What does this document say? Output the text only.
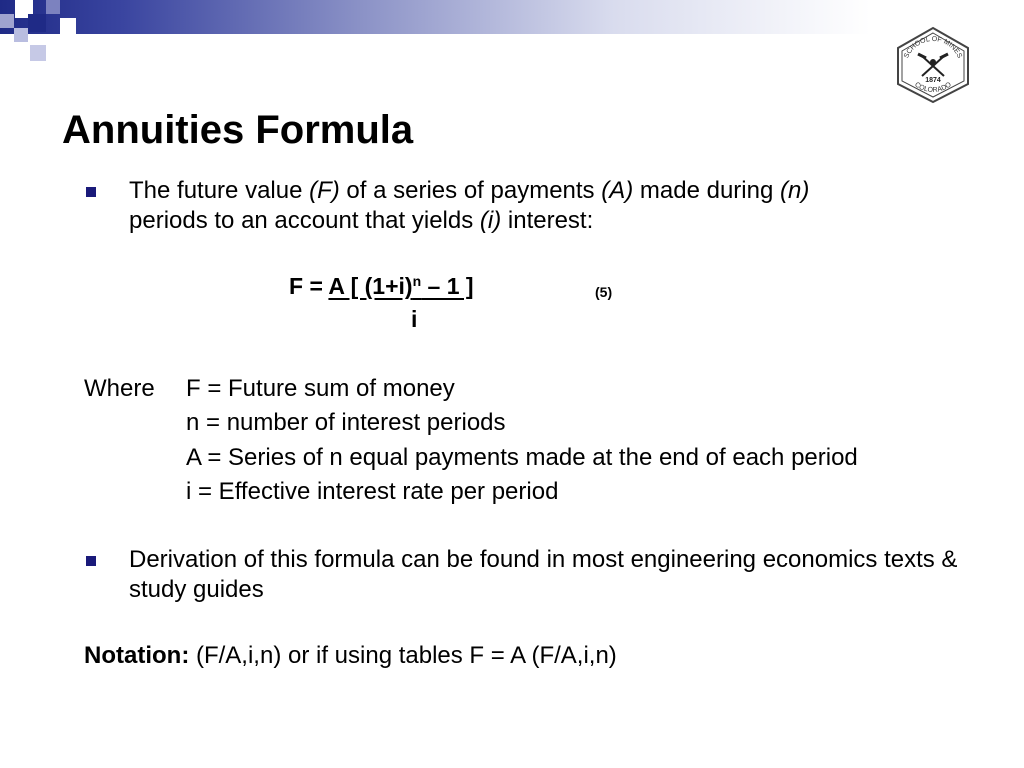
SCHOOL OF MINES
COLORADO
1874
Annuities Formula
The future value (F) of a series of payments (A) made during (n)
periods to an account that yields (i) interest:
F = A [ $(1+i)^n - 1$ ]	(5)
i
Where F = Future sum of money
n = number of interest periods
A = Series of n equal payments made at the end of each period
i = Effective interest rate per period
Derivation of this formula can be found in most engineering economics texts & study guides
Notation: (F/A,i,n) or if using tables F = A (F/A,i,n)
